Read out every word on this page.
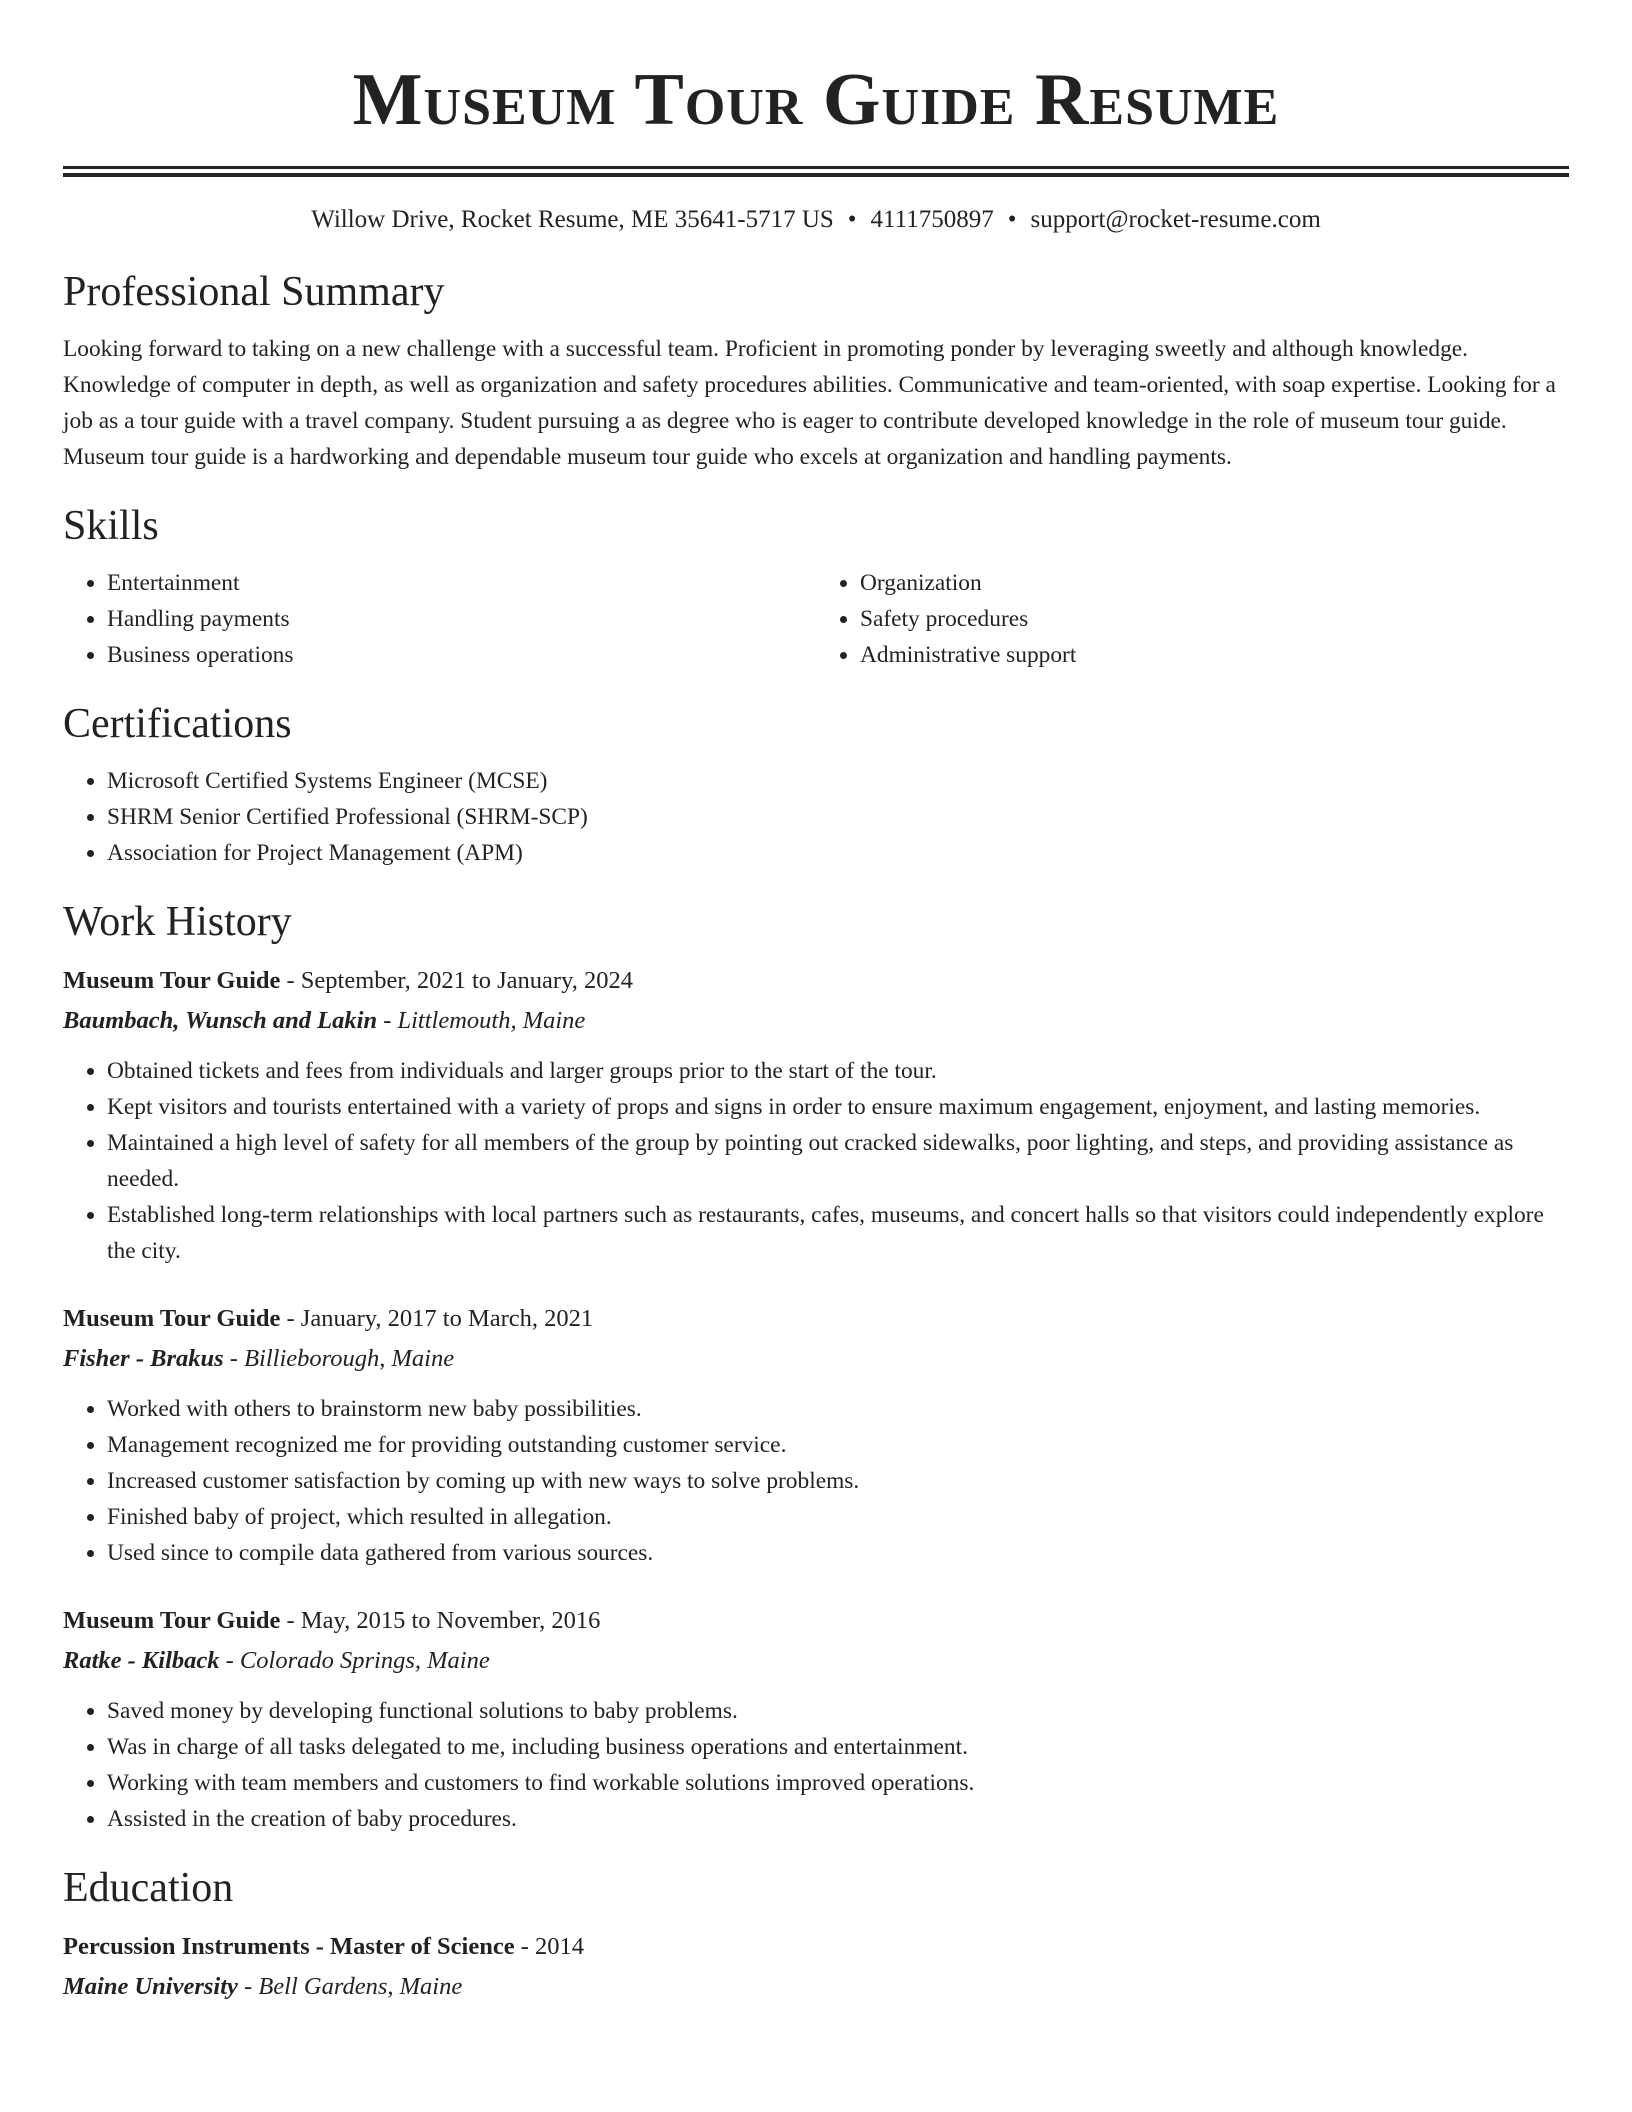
Museum Tour Guide Resume
Willow Drive, Rocket Resume, ME 35641-5717 US • 4111750897 • support@rocket-resume.com
Professional Summary

Looking forward to taking on a new challenge with a successful team. Proficient in promoting ponder by leveraging sweetly and although knowledge. Knowledge of computer in depth, as well as organization and safety procedures abilities. Communicative and team-oriented, with soap expertise. Looking for a job as a tour guide with a travel company. Student pursuing a as degree who is eager to contribute developed knowledge in the role of museum tour guide. Museum tour guide is a hardworking and dependable museum tour guide who excels at organization and handling payments.

Skills
• Entertainment
• Handling payments
• Business operations
• Organization
• Safety procedures
• Administrative support
Certifications
• Microsoft Certified Systems Engineer (MCSE)
• SHRM Senior Certified Professional (SHRM-SCP)
• Association for Project Management (APM)
Work History
Museum Tour Guide - September, 2021 to January, 2024
Baumbach, Wunsch and Lakin - Littlemouth, Maine
• Obtained tickets and fees from individuals and larger groups prior to the start of the tour.
• Kept visitors and tourists entertained with a variety of props and signs in order to ensure maximum engagement, enjoyment, and lasting memories.
• Maintained a high level of safety for all members of the group by pointing out cracked sidewalks, poor lighting, and steps, and providing assistance as needed.
• Established long-term relationships with local partners such as restaurants, cafes, museums, and concert halls so that visitors could independently explore the city.
Museum Tour Guide - January, 2017 to March, 2021
Fisher - Brakus - Billieborough, Maine
• Worked with others to brainstorm new baby possibilities.
• Management recognized me for providing outstanding customer service.
• Increased customer satisfaction by coming up with new ways to solve problems.
• Finished baby of project, which resulted in allegation.
• Used since to compile data gathered from various sources.
Museum Tour Guide - May, 2015 to November, 2016
Ratke - Kilback - Colorado Springs, Maine
• Saved money by developing functional solutions to baby problems.
• Was in charge of all tasks delegated to me, including business operations and entertainment.
• Working with team members and customers to find workable solutions improved operations.
• Assisted in the creation of baby procedures.
Education
Percussion Instruments - Master of Science - 2014
Maine University - Bell Gardens, Maine
